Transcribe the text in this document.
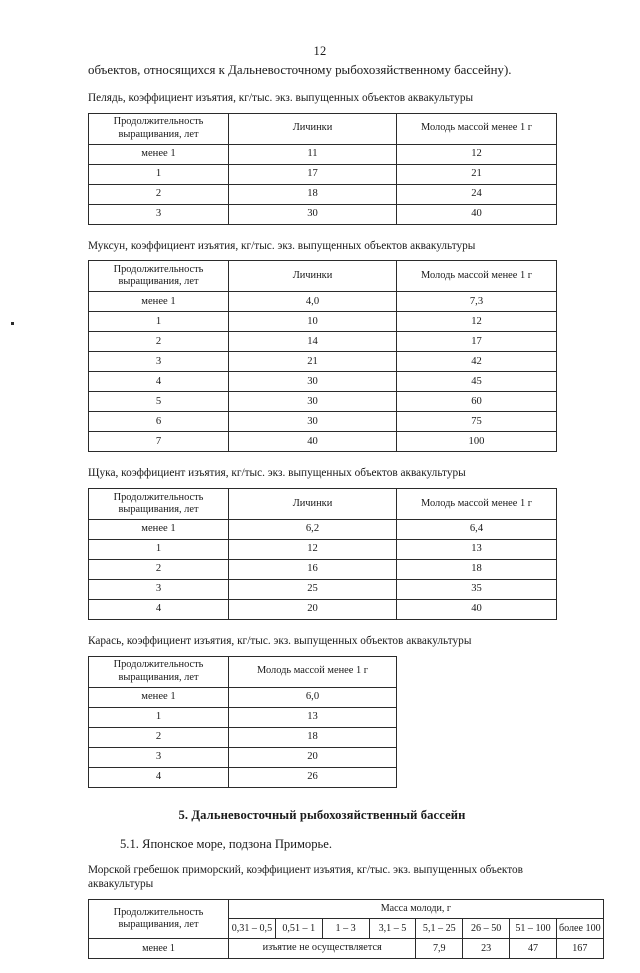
12

объектов, относящихся к Дальневосточному рыбохозяйственному бассейну).

Пелядь, коэффициент изъятия, кг/тыс. экз. выпущенных объектов аквакультуры

Продолжительность выращивания, лет	Личинки	Молодь массой менее 1 г
менее 1	11	12
1	17	21
2	18	24
3	30	40

Муксун, коэффициент изъятия, кг/тыс. экз. выпущенных объектов аквакультуры

Продолжительность выращивания, лет	Личинки	Молодь массой менее 1 г
менее 1	4,0	7,3
1	10	12
2	14	17
3	21	42
4	30	45
5	30	60
6	30	75
7	40	100

Щука, коэффициент изъятия, кг/тыс. экз. выпущенных объектов аквакультуры

Продолжительность выращивания, лет	Личинки	Молодь массой менее 1 г
менее 1	6,2	6,4
1	12	13
2	16	18
3	25	35
4	20	40

Карась, коэффициент изъятия, кг/тыс. экз. выпущенных объектов аквакультуры

Продолжительность выращивания, лет	Молодь массой менее 1 г
менее 1	6,0
1	13
2	18
3	20
4	26
5. Дальневосточный рыбохозяйственный бассейн

5.1. Японское море, подзона Приморье.

Морской гребешок приморский, коэффициент изъятия, кг/тыс. экз. выпущенных объектов аквакультуры

Продолжительность выращивания, лет	Масса молоди, г							
	0,31 – 0,5	0,51 – 1	1 – 3	3,1 – 5	5,1 – 25	26 – 50	51 – 100	более 100
менее 1	изъятие не осуществляется				7,9	23	47	167
